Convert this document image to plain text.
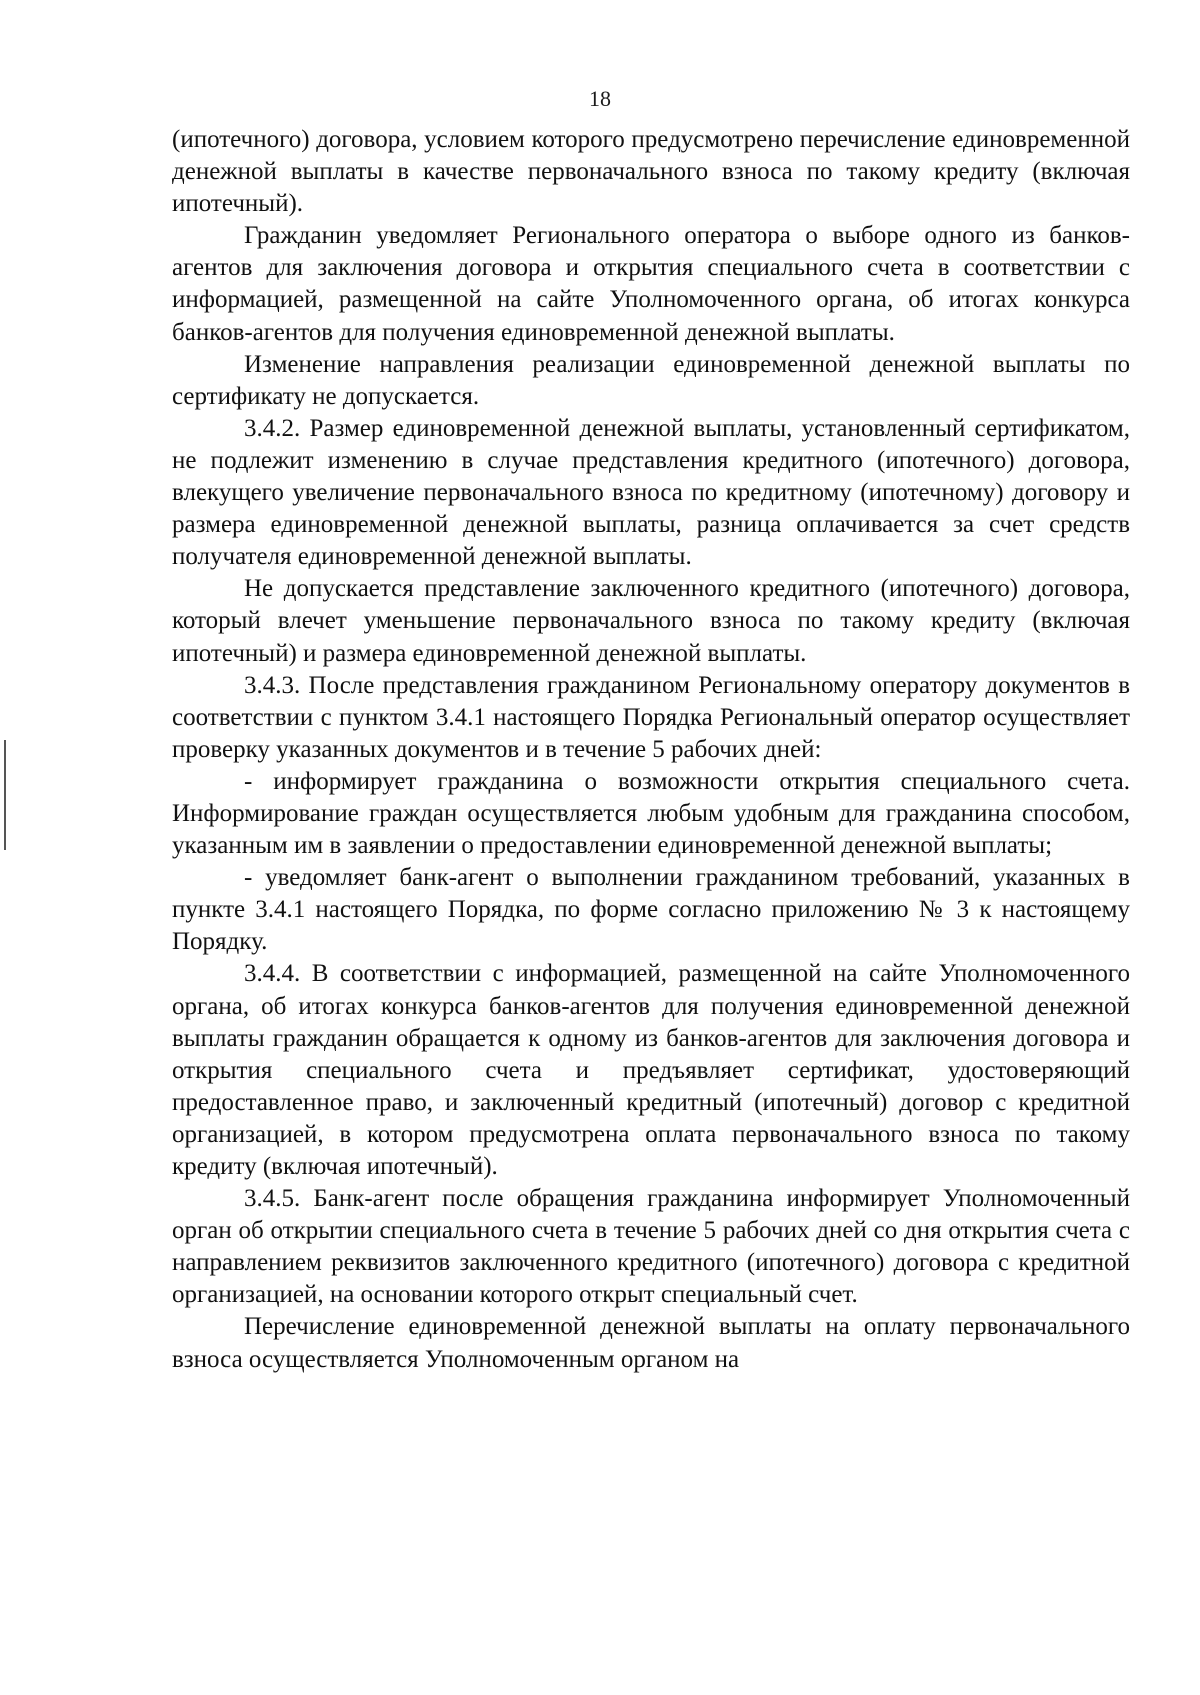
18

(ипотечного) договора, условием которого предусмотрено перечисление единовременной денежной выплаты в качестве первоначального взноса по такому кредиту (включая ипотечный).

Гражданин уведомляет Регионального оператора о выборе одного из банков-агентов для заключения договора и открытия специального счета в соответствии с информацией, размещенной на сайте Уполномоченного органа, об итогах конкурса банков-агентов для получения единовременной денежной выплаты.

Изменение направления реализации единовременной денежной выплаты по сертификату не допускается.

3.4.2. Размер единовременной денежной выплаты, установленный сертификатом, не подлежит изменению в случае представления кредитного (ипотечного) договора, влекущего увеличение первоначального взноса по кредитному (ипотечному) договору и размера единовременной денежной выплаты, разница оплачивается за счет средств получателя единовременной денежной выплаты.

Не допускается представление заключенного кредитного (ипотечного) договора, который влечет уменьшение первоначального взноса по такому кредиту (включая ипотечный) и размера единовременной денежной выплаты.

3.4.3. После представления гражданином Региональному оператору документов в соответствии с пунктом 3.4.1 настоящего Порядка Региональный оператор осуществляет проверку указанных документов и в течение 5 рабочих дней:

- информирует гражданина о возможности открытия специального счета. Информирование граждан осуществляется любым удобным для гражданина способом, указанным им в заявлении о предоставлении единовременной денежной выплаты;

- уведомляет банк-агент о выполнении гражданином требований, указанных в пункте 3.4.1 настоящего Порядка, по форме согласно приложению № 3 к настоящему Порядку.

3.4.4. В соответствии с информацией, размещенной на сайте Уполномоченного органа, об итогах конкурса банков-агентов для получения единовременной денежной выплаты гражданин обращается к одному из банков-агентов для заключения договора и открытия специального счета и предъявляет сертификат, удостоверяющий предоставленное право, и заключенный кредитный (ипотечный) договор с кредитной организацией, в котором предусмотрена оплата первоначального взноса по такому кредиту (включая ипотечный).

3.4.5. Банк-агент после обращения гражданина информирует Уполномоченный орган об открытии специального счета в течение 5 рабочих дней со дня открытия счета с направлением реквизитов заключенного кредитного (ипотечного) договора с кредитной организацией, на основании которого открыт специальный счет.

Перечисление единовременной денежной выплаты на оплату первоначального взноса осуществляется Уполномоченным органом на
